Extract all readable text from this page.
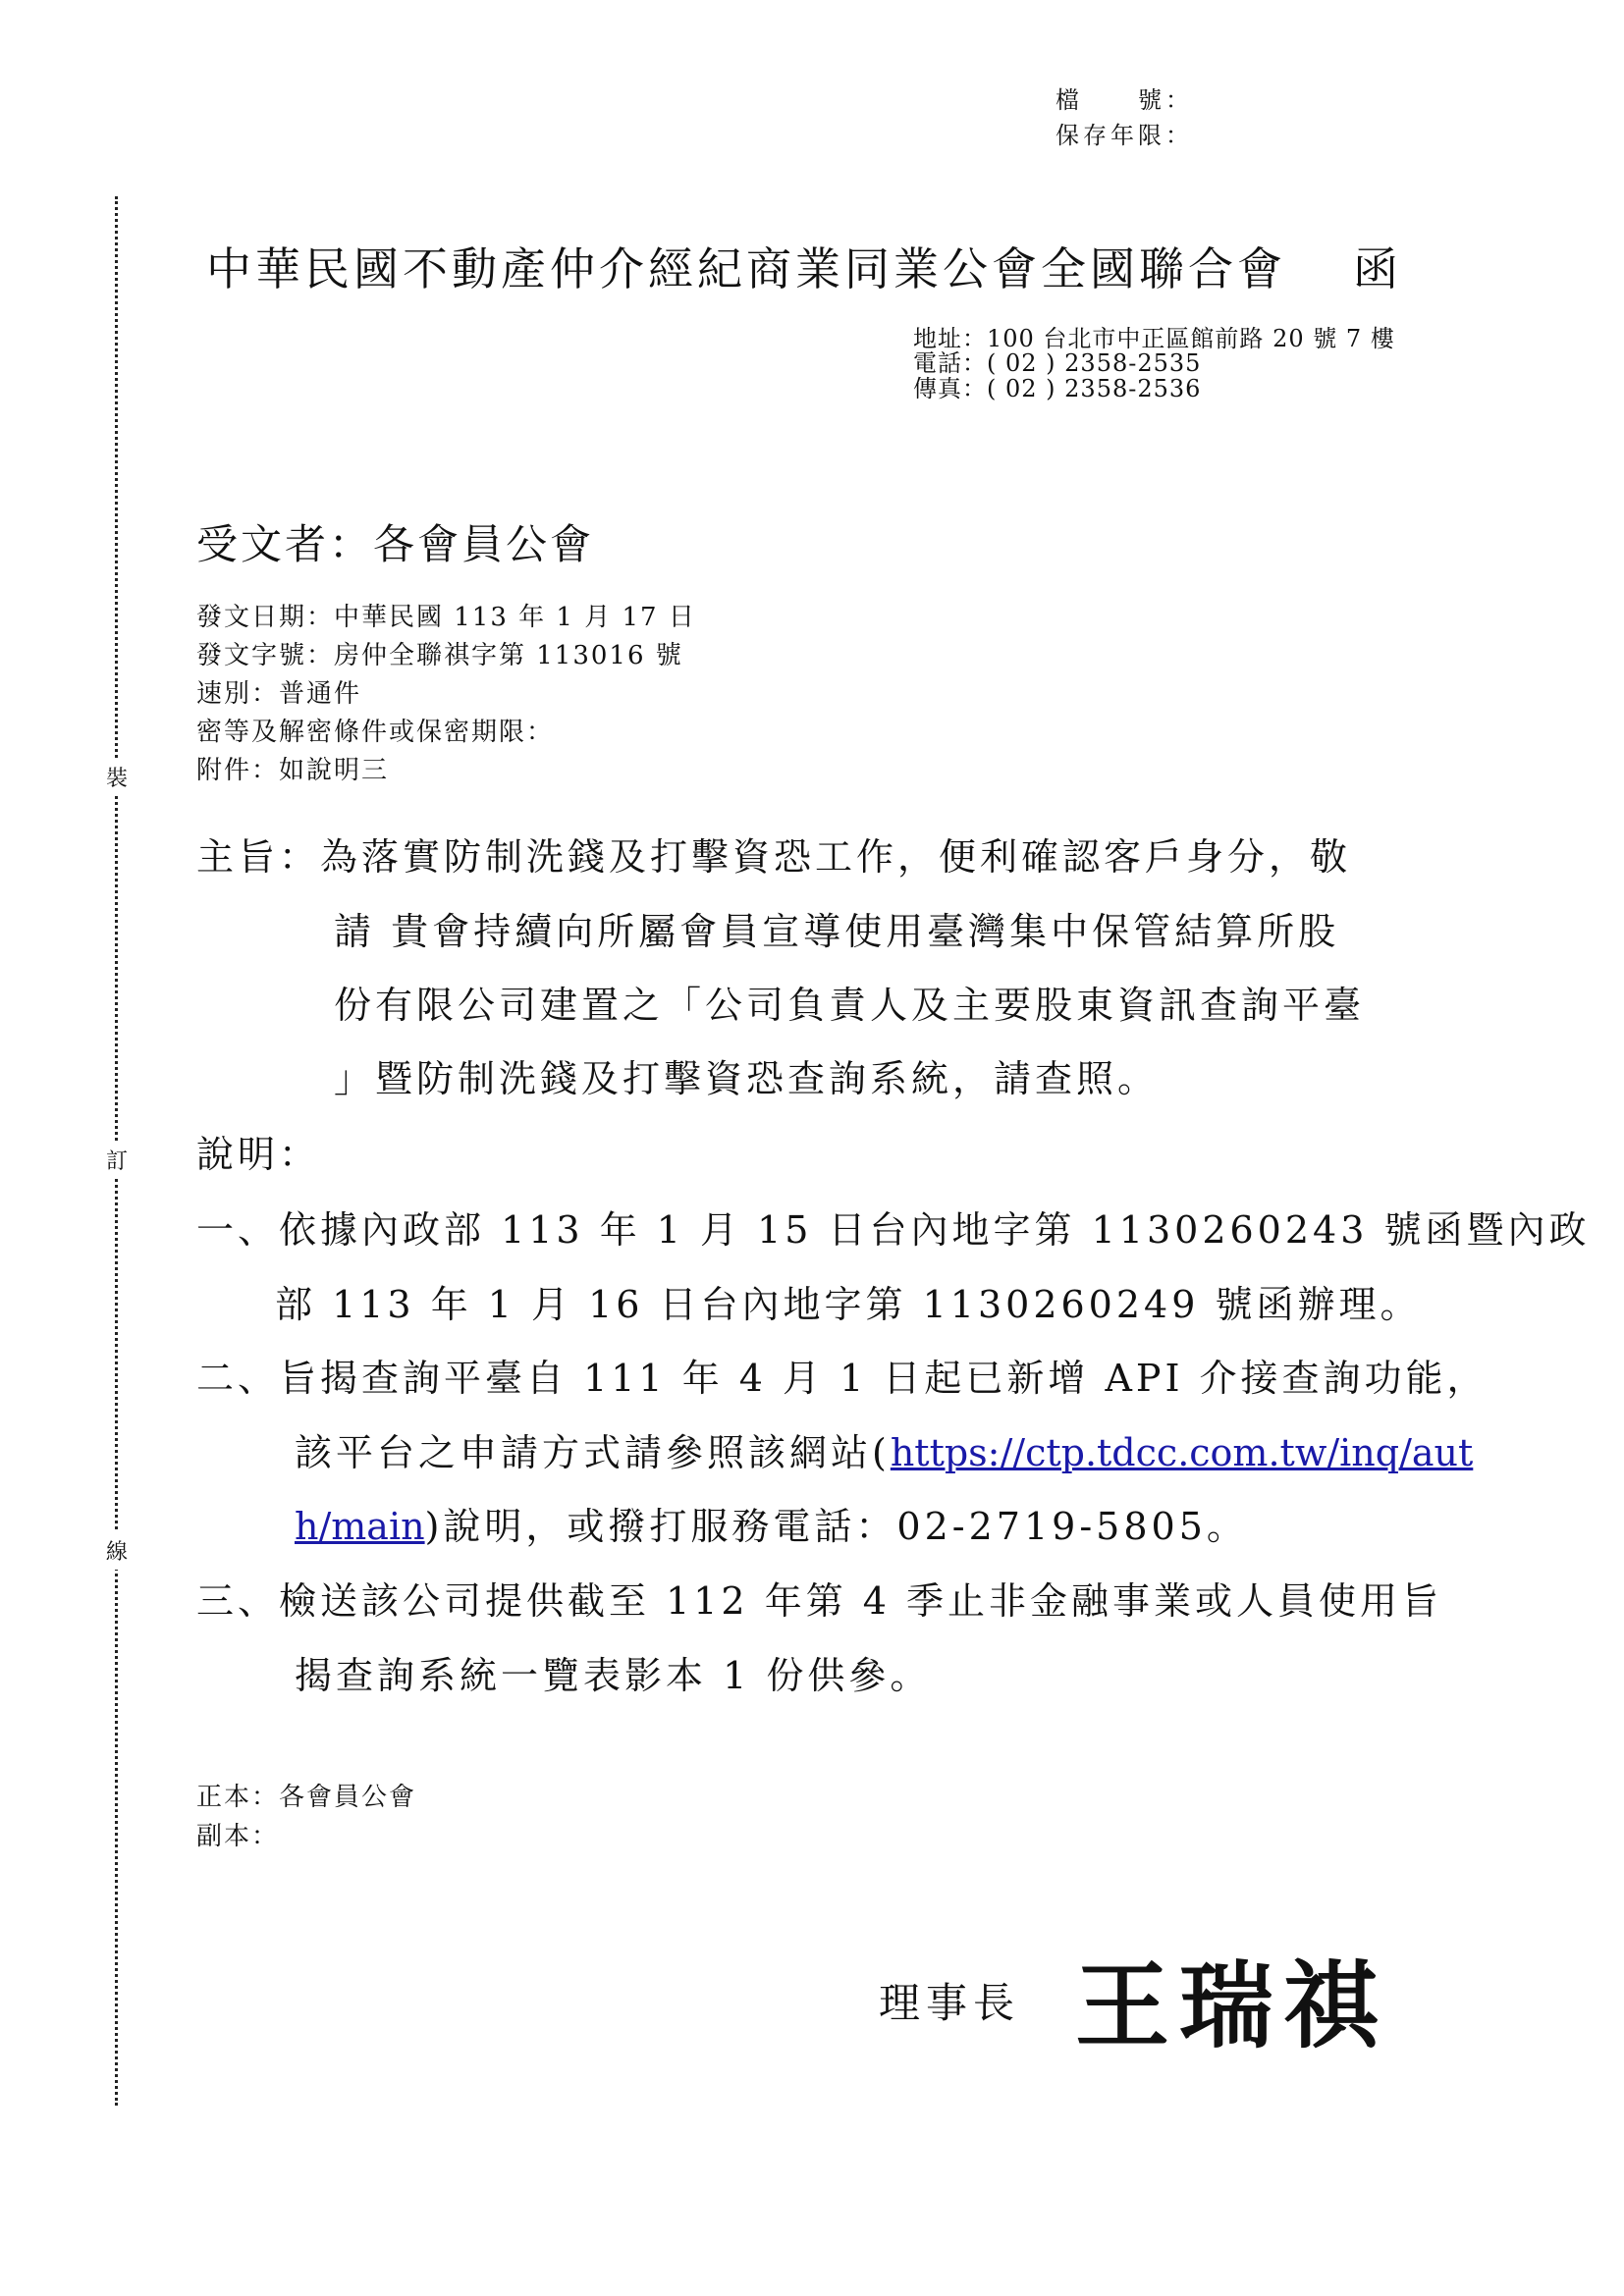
檔　　號：
保存年限：
裝
訂
線
中華民國不動產仲介經紀商業同業公會全國聯合會 函
地址：100 台北市中正區館前路 20 號 7 樓
電話：( 02 ) 2358-2535
傳真：( 02 ) 2358-2536
受文者：各會員公會
發文日期：中華民國 113 年 1 月 17 日
發文字號：房仲全聯祺字第 113016 號
速別：普通件
密等及解密條件或保密期限：
附件：如說明三
主旨：為落實防制洗錢及打擊資恐工作，便利確認客戶身分，敬
請 貴會持續向所屬會員宣導使用臺灣集中保管結算所股
份有限公司建置之「公司負責人及主要股東資訊查詢平臺
」暨防制洗錢及打擊資恐查詢系統，請查照。
說明：
一、依據內政部 113 年 1 月 15 日台內地字第 1130260243 號函暨內政
部 113 年 1 月 16 日台內地字第 1130260249 號函辦理。
二、旨揭查詢平臺自 111 年 4 月 1 日起已新增 API 介接查詢功能，
該平台之申請方式請參照該網站(https://ctp.tdcc.com.tw/inq/aut
h/main)說明，或撥打服務電話：02-2719-5805。
三、檢送該公司提供截至 112 年第 4 季止非金融事業或人員使用旨
揭查詢系統一覽表影本 1 份供參。
正本：各會員公會
副本：
理事長 王瑞祺
